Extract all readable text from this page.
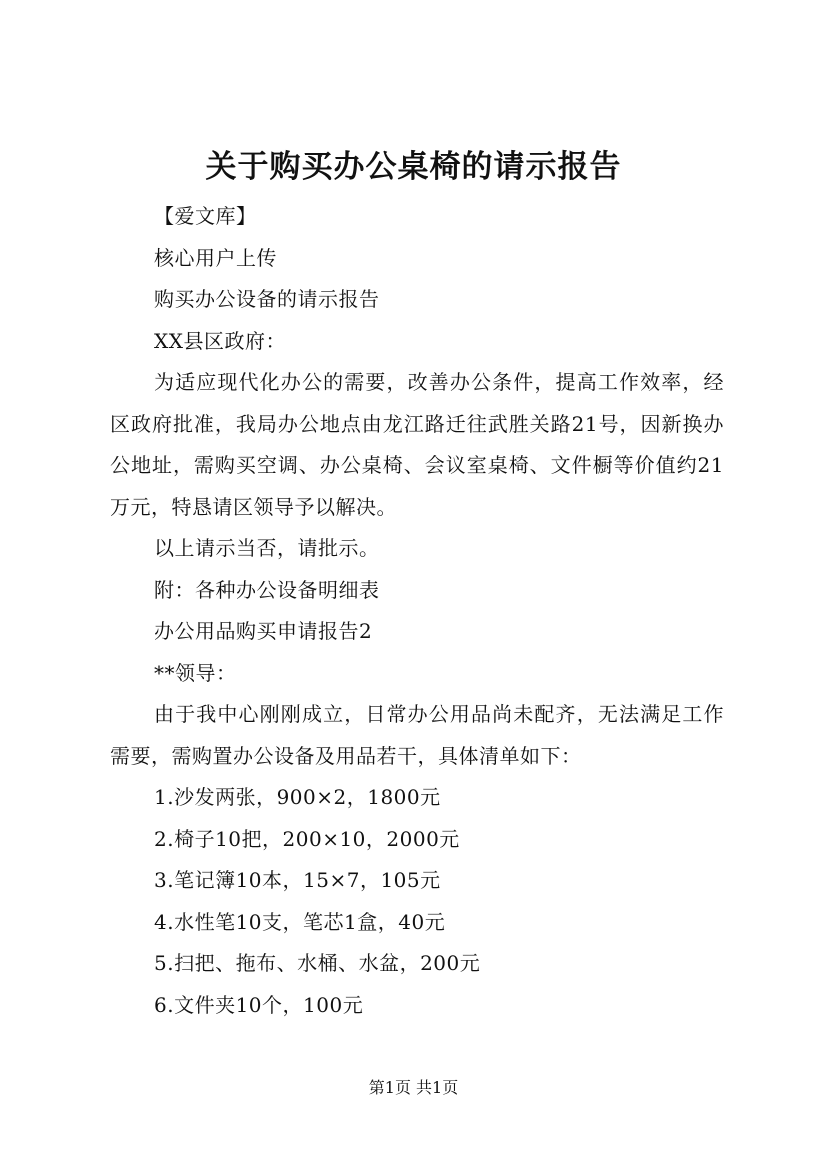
关于购买办公桌椅的请示报告

【爱文库】

核心用户上传

购买办公设备的请示报告

XX县区政府：

为适应现代化办公的需要，改善办公条件，提高工作效率，经区政府批准，我局办公地点由龙江路迁往武胜关路21号，因新换办公地址，需购买空调、办公桌椅、会议室桌椅、文件橱等价值约21万元，特恳请区领导予以解决。

以上请示当否，请批示。

附：各种办公设备明细表

办公用品购买申请报告2

**领导：

由于我中心刚刚成立，日常办公用品尚未配齐，无法满足工作需要，需购置办公设备及用品若干，具体清单如下：

1.沙发两张，900×2，1800元

2.椅子10把，200×10，2000元

3.笔记簿10本，15×7，105元

4.水性笔10支，笔芯1盒，40元

5.扫把、拖布、水桶、水盆，200元

6.文件夹10个，100元

第1页 共1页
